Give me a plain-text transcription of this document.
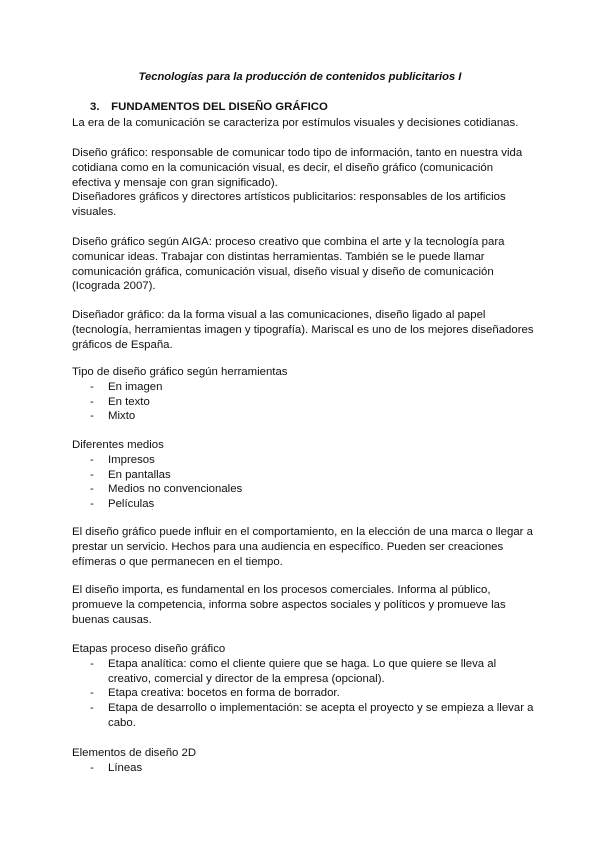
Tecnologías para la producción de contenidos publicitarios I
3. FUNDAMENTOS DEL DISEÑO GRÁFICO

La era de la comunicación se caracteriza por estímulos visuales y decisiones cotidianas.

Diseño gráfico: responsable de comunicar todo tipo de información, tanto en nuestra vida cotidiana como en la comunicación visual, es decir, el diseño gráfico (comunicación efectiva y mensaje con gran significado).

Diseñadores gráficos y directores artísticos publicitarios: responsables de los artificios visuales.

Diseño gráfico según AIGA: proceso creativo que combina el arte y la tecnología para comunicar ideas. Trabajar con distintas herramientas. También se le puede llamar comunicación gráfica, comunicación visual, diseño visual y diseño de comunicación (Icograda 2007).

Diseñador gráfico: da la forma visual a las comunicaciones, diseño ligado al papel (tecnología, herramientas imagen y tipografía). Mariscal es uno de los mejores diseñadores gráficos de España.

Tipo de diseño gráfico según herramientas

- En imagen
- En texto
- Mixto

Diferentes medios

- Impresos
- En pantallas
- Medios no convencionales
- Películas

El diseño gráfico puede influir en el comportamiento, en la elección de una marca o llegar a prestar un servicio. Hechos para una audiencia en específico. Pueden ser creaciones efímeras o que permanecen en el tiempo.

El diseño importa, es fundamental en los procesos comerciales. Informa al público, promueve la competencia, informa sobre aspectos sociales y políticos y promueve las buenas causas.

Etapas proceso diseño gráfico

- Etapa analítica: como el cliente quiere que se haga. Lo que quiere se lleva al creativo, comercial y director de la empresa (opcional).
- Etapa creativa: bocetos en forma de borrador.
- Etapa de desarrollo o implementación: se acepta el proyecto y se empieza a llevar a cabo.

Elementos de diseño 2D

- Líneas
